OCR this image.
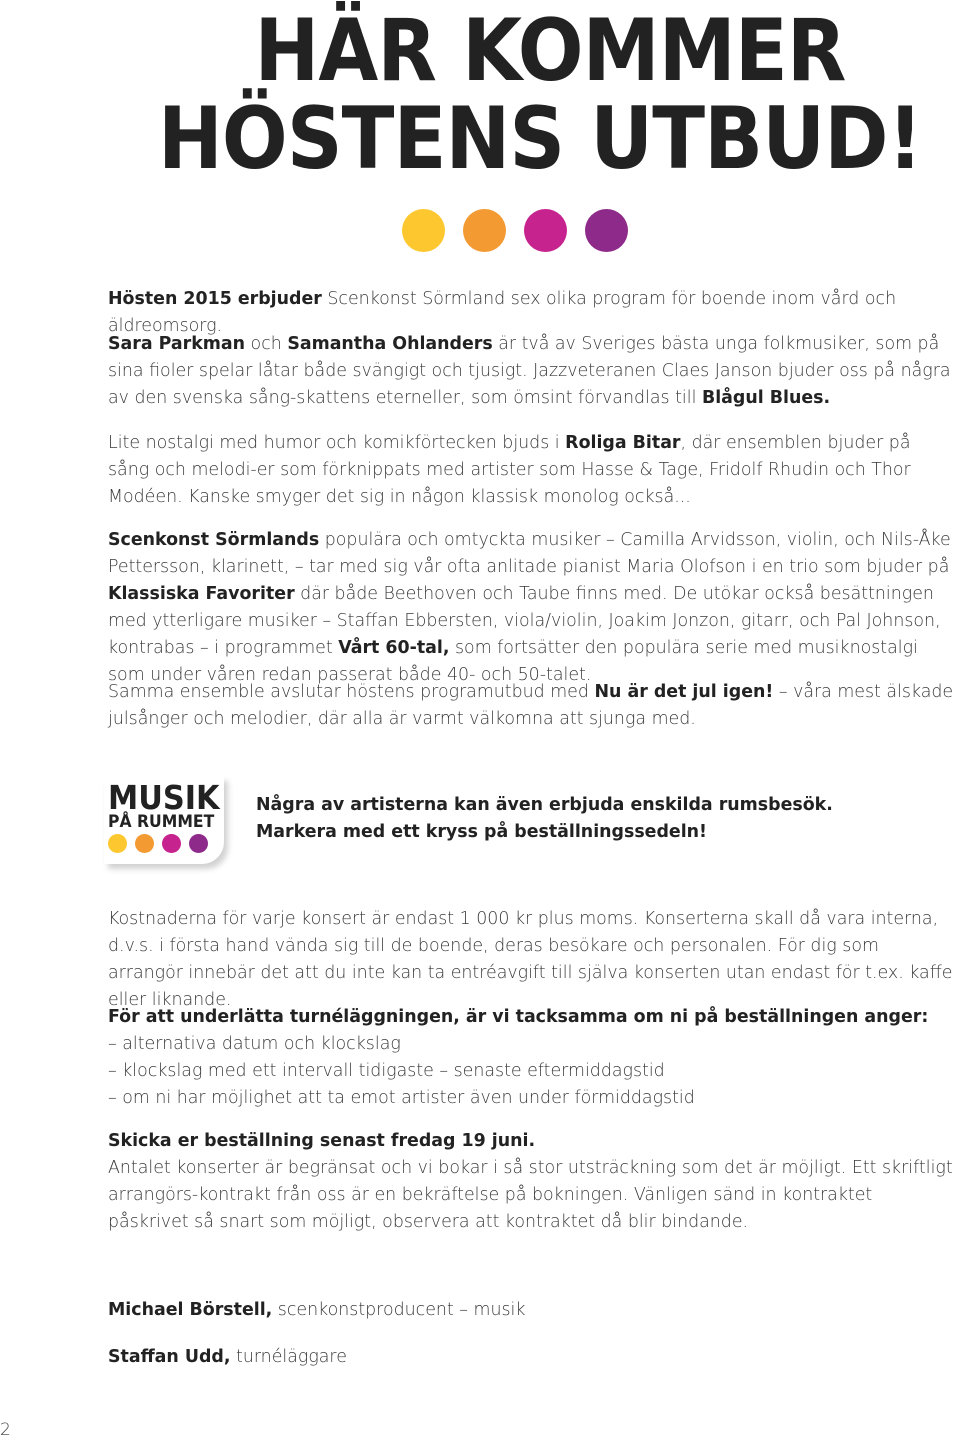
HÄR KOMMER
HÖSTENS UTBUD!
Hösten 2015 erbjuder Scenkonst Sörmland sex olika program för boende inom vård och äldreomsorg.
Sara Parkman och Samantha Ohlanders är två av Sveriges bästa unga folkmusiker, som på sina fioler spelar låtar både svängigt och tjusigt. Jazzveteranen Claes Janson bjuder oss på några av den svenska sång-skattens eterneller, som ömsint förvandlas till Blågul Blues.
Lite nostalgi med humor och komikförtecken bjuds i Roliga Bitar, där ensemblen bjuder på sång och melodi-er som förknippats med artister som Hasse & Tage, Fridolf Rhudin och Thor Modéen. Kanske smyger det sig in någon klassisk monolog också...
Scenkonst Sörmlands populära och omtyckta musiker – Camilla Arvidsson, violin, och Nils-Åke Pettersson, klarinett, – tar med sig vår ofta anlitade pianist Maria Olofson i en trio som bjuder på Klassiska Favoriter där både Beethoven och Taube finns med. De utökar också besättningen med ytterligare musiker – Staffan Ebbersten, viola/violin, Joakim Jonzon, gitarr, och Pal Johnson, kontrabas – i programmet Vårt 60-tal, som fortsätter den populära serie med musiknostalgi som under våren redan passerat både 40- och 50-talet.
Samma ensemble avslutar höstens programutbud med Nu är det jul igen! – våra mest älskade julsånger och melodier, där alla är varmt välkomna att sjunga med.
MUSIK
PÅ RUMMET
Några av artisterna kan även erbjuda enskilda rumsbesök.
Markera med ett kryss på beställningssedeln!
Kostnaderna för varje konsert är endast 1 000 kr plus moms. Konserterna skall då vara interna, d.v.s. i första hand vända sig till de boende, deras besökare och personalen. För dig som arrangör innebär det att du inte kan ta entréavgift till själva konserten utan endast för t.ex. kaffe eller liknande.
För att underlätta turnéläggningen, är vi tacksamma om ni på beställningen anger:
– alternativa datum och klockslag
– klockslag med ett intervall tidigaste – senaste eftermiddagstid
– om ni har möjlighet att ta emot artister även under förmiddagstid
Skicka er beställning senast fredag 19 juni.
Antalet konserter är begränsat och vi bokar i så stor utsträckning som det är möjligt. Ett skriftligt arrangörs-kontrakt från oss är en bekräftelse på bokningen. Vänligen sänd in kontraktet påskrivet så snart som möjligt, observera att kontraktet då blir bindande.
Michael Börstell, scenkonstproducent – musik
Staffan Udd, turnéläggare
2
